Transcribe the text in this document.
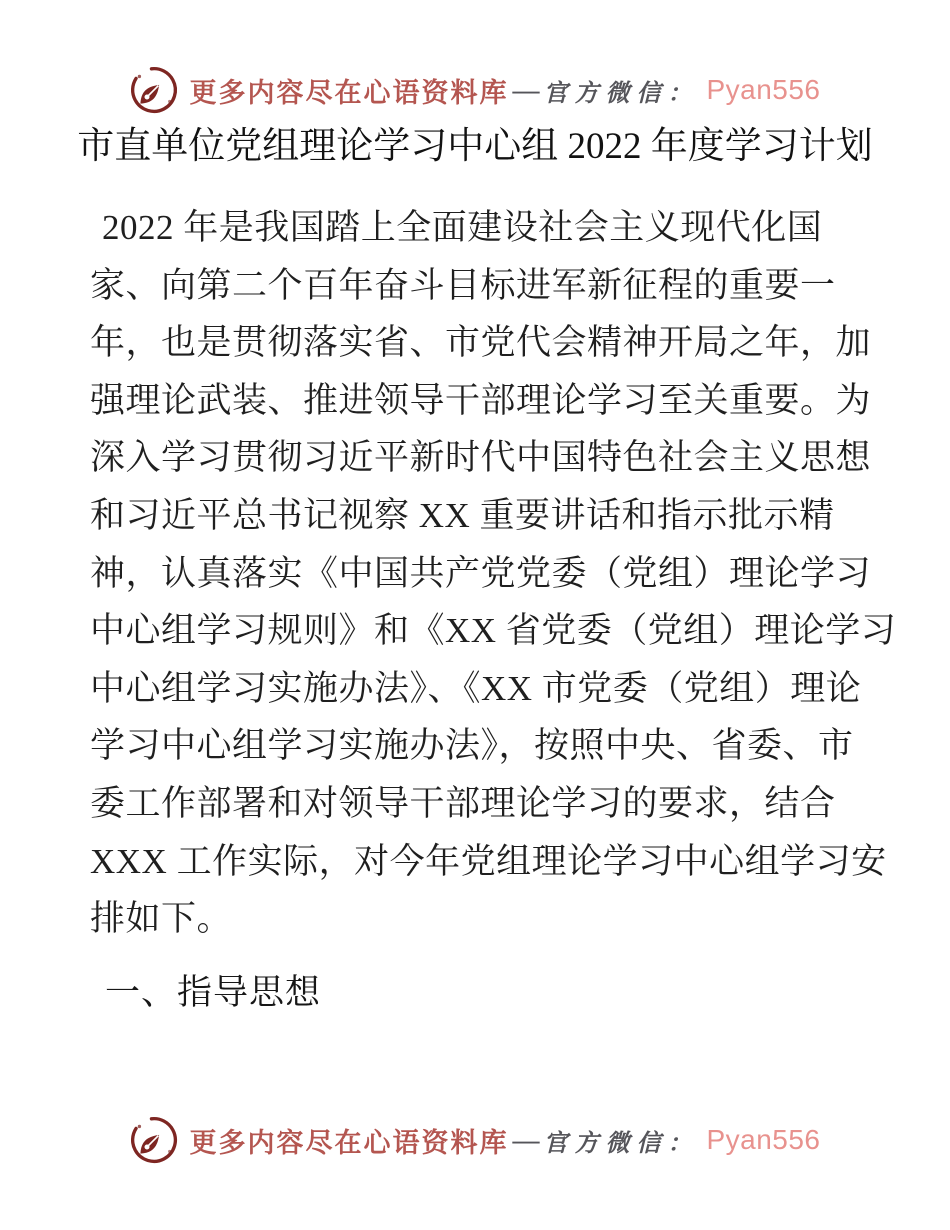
更多内容尽在心语资料库 — 官方微信： Pyan556
市直单位党组理论学习中心组 2022 年度学习计划
2022 年是我国踏上全面建设社会主义现代化国
家、向第二个百年奋斗目标进军新征程的重要一
年，也是贯彻落实省、市党代会精神开局之年，加
强理论武装、推进领导干部理论学习至关重要。为
深入学习贯彻习近平新时代中国特色社会主义思想
和习近平总书记视察 XX 重要讲话和指示批示精
神，认真落实《中国共产党党委（党组）理论学习
中心组学习规则》和《XX 省党委（党组）理论学习
中心组学习实施办法》、《XX 市党委（党组）理论
学习中心组学习实施办法》，按照中央、省委、市
委工作部署和对领导干部理论学习的要求，结合
XXX 工作实际，对今年党组理论学习中心组学习安
排如下。
一、指导思想
更多内容尽在心语资料库 — 官方微信： Pyan556
